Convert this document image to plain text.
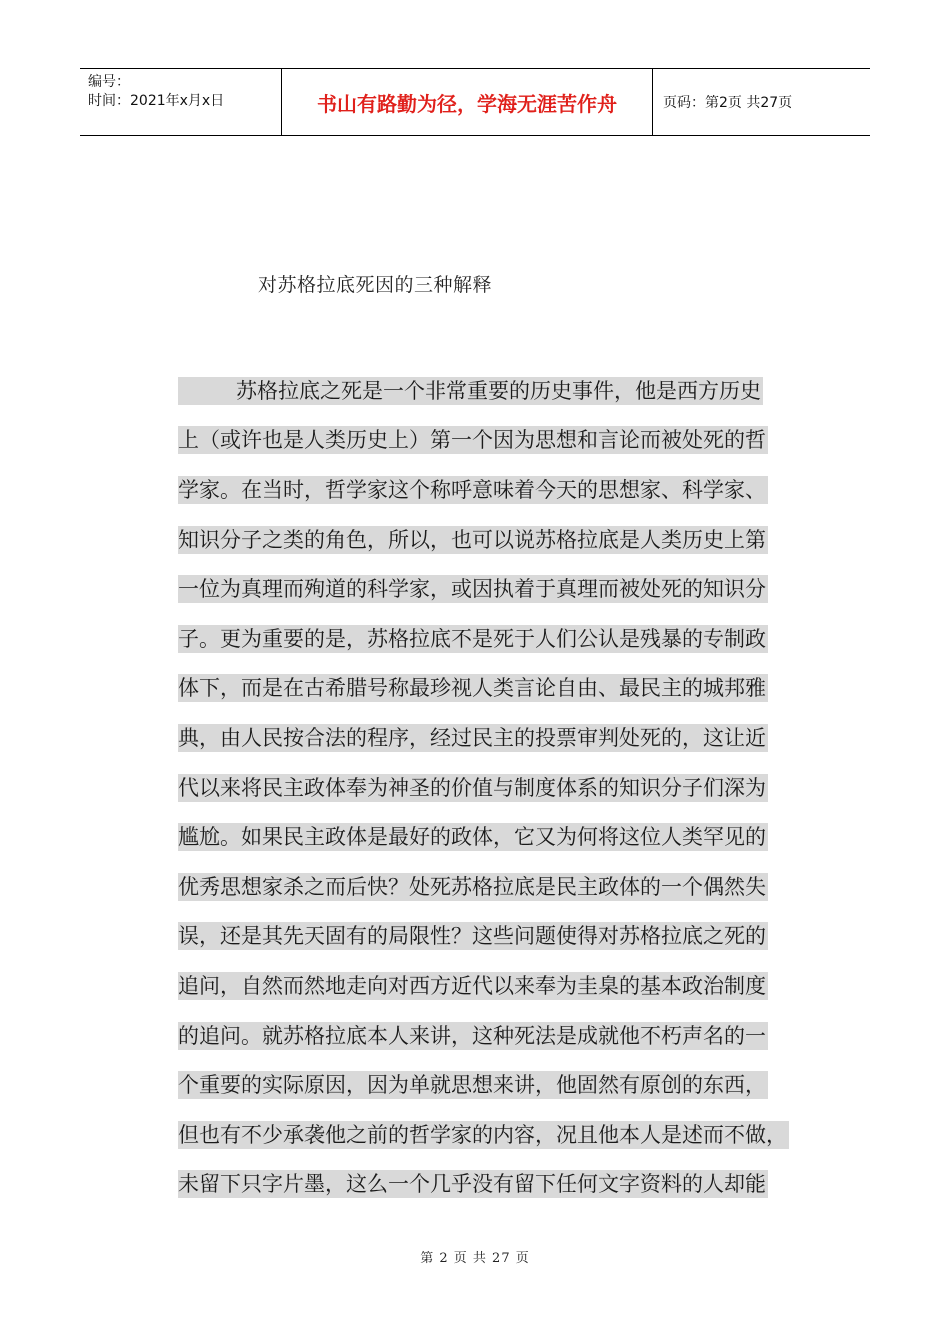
编号：
时间：2021年x月x日	书山有路勤为径，学海无涯苦作舟	页码：第2页 共27页
对苏格拉底死因的三种解释
苏格拉底之死是一个非常重要的历史事件，他是西方历史
上（或许也是人类历史上）第一个因为思想和言论而被处死的哲
学家。在当时，哲学家这个称呼意味着今天的思想家、科学家、
知识分子之类的角色，所以，也可以说苏格拉底是人类历史上第
一位为真理而殉道的科学家，或因执着于真理而被处死的知识分
子。更为重要的是，苏格拉底不是死于人们公认是残暴的专制政
体下，而是在古希腊号称最珍视人类言论自由、最民主的城邦雅
典，由人民按合法的程序，经过民主的投票审判处死的，这让近
代以来将民主政体奉为神圣的价值与制度体系的知识分子们深为
尴尬。如果民主政体是最好的政体，它又为何将这位人类罕见的
优秀思想家杀之而后快？处死苏格拉底是民主政体的一个偶然失
误，还是其先天固有的局限性？这些问题使得对苏格拉底之死的
追问，自然而然地走向对西方近代以来奉为圭臬的基本政治制度
的追问。就苏格拉底本人来讲，这种死法是成就他不朽声名的一
个重要的实际原因，因为单就思想来讲，他固然有原创的东西，
但也有不少承袭他之前的哲学家的内容，况且他本人是述而不做，
未留下只字片墨，这么一个几乎没有留下任何文字资料的人却能
第 2 页 共 27 页
